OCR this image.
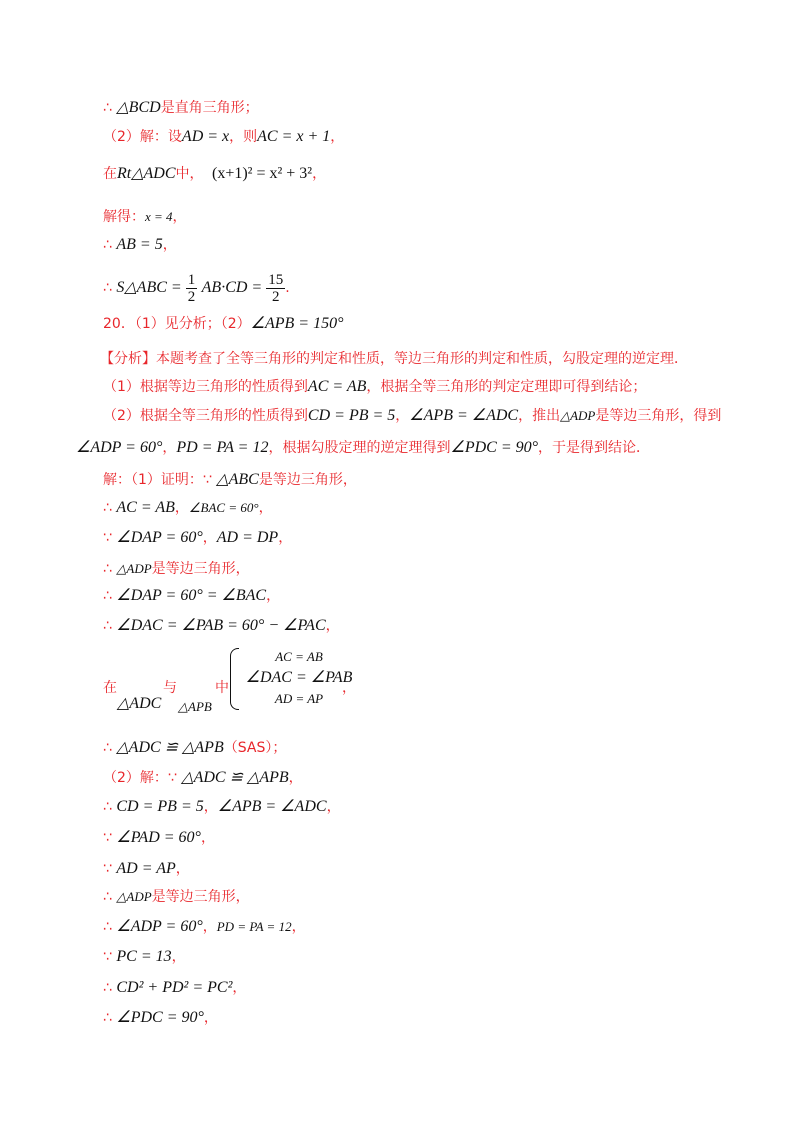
∴ △BCD是直角三角形；
（2）解：设AD = x，则AC = x + 1，
在Rt△ADC中， (x+1)² = x² + 3²，
解得：x = 4，
∴ AB = 5，
∴ S△ABC = $\frac{1}{2} AB\cdot CD = \frac{15}{2}$ .
20．（1）见分析；（2）∠APB = 150°
【分析】本题考查了全等三角形的判定和性质，等边三角形的判定和性质，勾股定理的逆定理．
（1）根据等边三角形的性质得到AC = AB，根据全等三角形的判定定理即可得到结论；
（2）根据全等三角形的性质得到CD = PB = 5，∠APB = ∠ADC，推出△ADP是等边三角形，得到
∠ADP = 60°，PD = PA = 12，根据勾股定理的逆定理得到∠PDC = 90°，于是得到结论．
解：（1）证明：∵ △ABC是等边三角形，
∴ AC = AB，∠BAC = 60°，
∵ ∠DAP = 60°，AD = DP，
∴ △ADP是等边三角形，
∴ ∠DAP = 60° = ∠BAC，
∴ ∠DAC = ∠PAB = 60° − ∠PAC，
在	与	中
△ADC △APB
AC = AB
∠DAC = ∠PAB
AD = AP
，
∴ △ADC ≌ △APB（SAS）；
（2）解：∵ △ADC ≌ △APB，
∴ CD = PB = 5，∠APB = ∠ADC，
∵ ∠PAD = 60°，
∵ AD = AP，
∴ △ADP是等边三角形，
∴ ∠ADP = 60°，PD = PA = 12，
∵ PC = 13，
∴ CD² + PD² = PC²，
∴ ∠PDC = 90°，
